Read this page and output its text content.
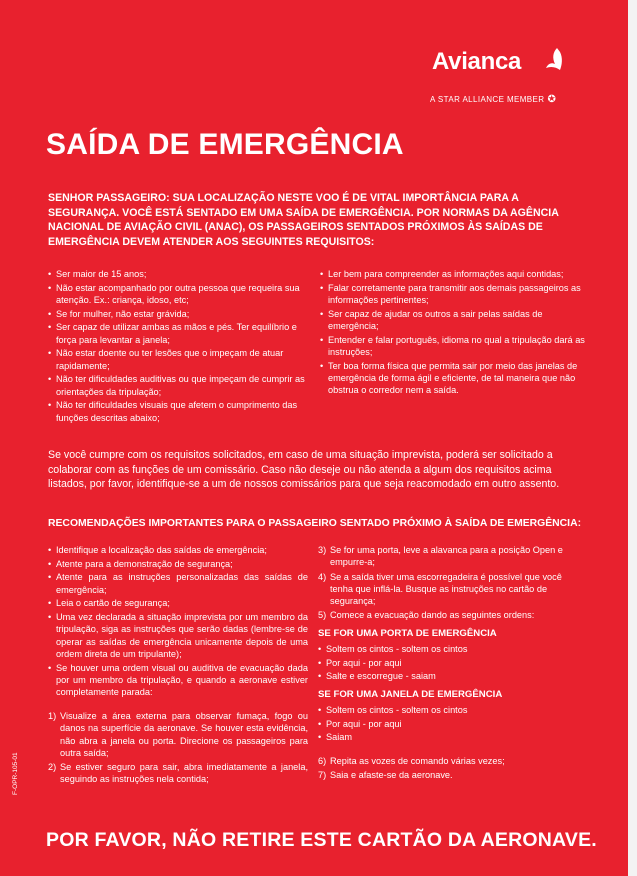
Avianca
A STAR ALLIANCE MEMBER ✪
SAÍDA DE EMERGÊNCIA
SENHOR PASSAGEIRO: SUA LOCALIZAÇÃO NESTE VOO É DE VITAL IMPORTÂNCIA PARA A SEGURANÇA. VOCÊ ESTÁ SENTADO EM UMA SAÍDA DE EMERGÊNCIA. POR NORMAS DA AGÊNCIA NACIONAL DE AVIAÇÃO CIVIL (ANAC), OS PASSAGEIROS SENTADOS PRÓXIMOS ÀS SAÍDAS DE EMERGÊNCIA DEVEM ATENDER AOS SEGUINTES REQUISITOS:
• Ser maior de 15 anos;
• Não estar acompanhado por outra pessoa que requeira sua atenção. Ex.: criança, idoso, etc;
• Se for mulher, não estar grávida;
• Ser capaz de utilizar ambas as mãos e pés. Ter equilíbrio e força para levantar a janela;
• Não estar doente ou ter lesões que o impeçam de atuar rapidamente;
• Não ter dificuldades auditivas ou que impeçam de cumprir as orientações da tripulação;
• Não ter dificuldades visuais que afetem o cumprimento das funções descritas abaixo;
• Ler bem para compreender as informações aqui contidas;
• Falar corretamente para transmitir aos demais passageiros as informações pertinentes;
• Ser capaz de ajudar os outros a sair pelas saídas de emergência;
• Entender e falar português, idioma no qual a tripulação dará as instruções;
• Ter boa forma física que permita sair por meio das janelas de emergência de forma ágil e eficiente, de tal maneira que não obstrua o corredor nem a saída.
Se você cumpre com os requisitos solicitados, em caso de uma situação imprevista, poderá ser solicitado a colaborar com as funções de um comissário. Caso não deseje ou não atenda a algum dos requisitos acima listados, por favor, identifique-se a um de nossos comissários para que seja reacomodado em outro assento.
RECOMENDAÇÕES IMPORTANTES PARA O PASSAGEIRO SENTADO PRÓXIMO À SAÍDA DE EMERGÊNCIA:
• Identifique a localização das saídas de emergência;
• Atente para a demonstração de segurança;
• Atente para as instruções personalizadas das saídas de emergência;
• Leia o cartão de segurança;
• Uma vez declarada a situação imprevista por um membro da tripulação, siga as instruções que serão dadas (lembre-se de operar as saídas de emergência unicamente depois de uma ordem direta de um tripulante);
• Se houver uma ordem visual ou auditiva de evacuação dada por um membro da tripulação, e quando a aeronave estiver completamente parada:
1) Visualize a área externa para observar fumaça, fogo ou danos na superfície da aeronave. Se houver esta evidência, não abra a janela ou porta. Direcione os passageiros para outra saída;
2) Se estiver seguro para sair, abra imediatamente a janela, seguindo as instruções nela contida;
3) Se for uma porta, leve a alavanca para a posição Open e empurre-a;
4) Se a saída tiver uma escorregadeira é possível que você tenha que inflá-la. Busque as instruções no cartão de segurança;
5) Comece a evacuação dando as seguintes ordens:
SE FOR UMA PORTA DE EMERGÊNCIA
• Soltem os cintos - soltem os cintos
• Por aqui - por aqui
• Salte e escorregue - saiam
SE FOR UMA JANELA DE EMERGÊNCIA
• Soltem os cintos - soltem os cintos
• Por aqui - por aqui
• Saiam
6) Repita as vozes de comando várias vezes;
7) Saia e afaste-se da aeronave.
F-OPR-105-01
POR FAVOR, NÃO RETIRE ESTE CARTÃO DA AERONAVE.
